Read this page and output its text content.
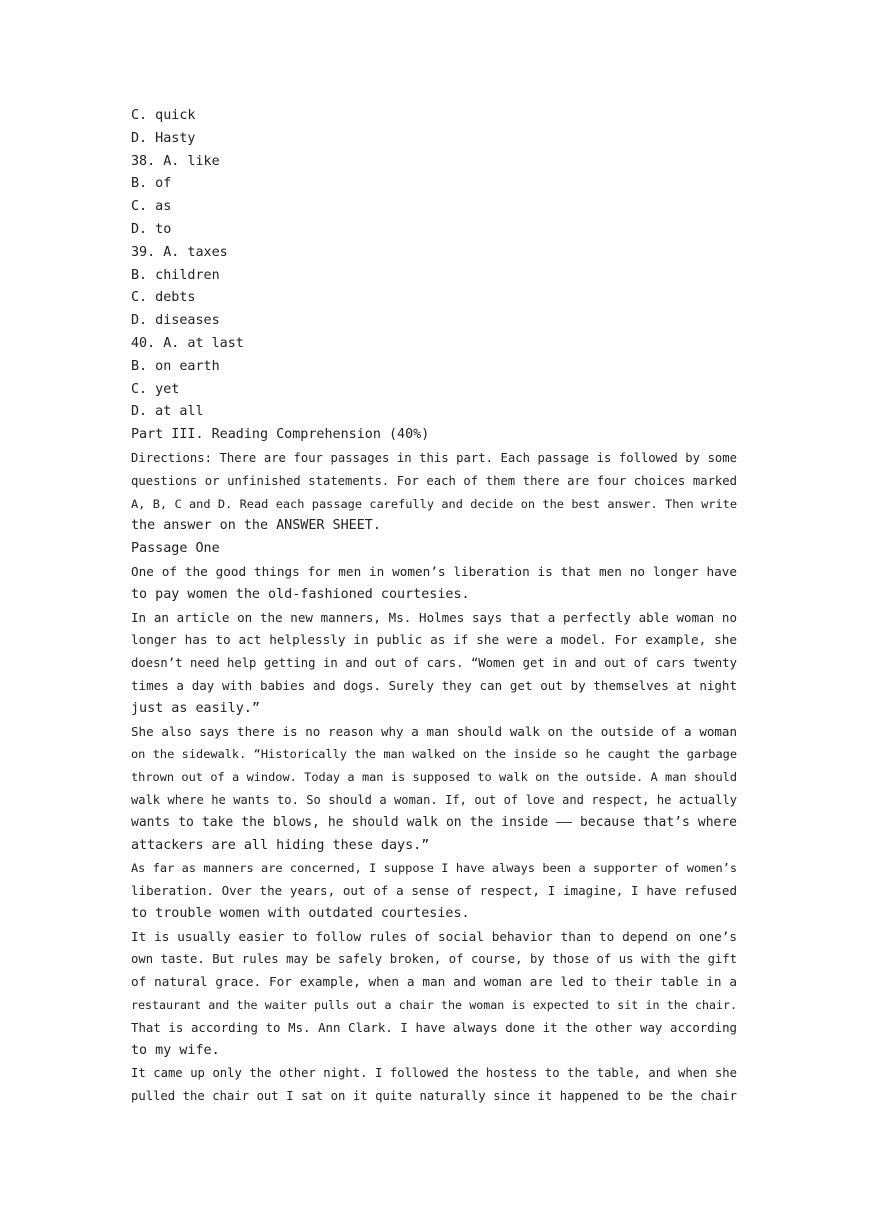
C. quick
D. Hasty
38. A. like
B. of
C. as
D. to
39. A. taxes
B. children
C. debts
D. diseases
40. A. at last
B. on earth
C. yet
D. at all
Part III. Reading Comprehension (40%)
Directions: There are four passages in this part. Each passage is followed by some
questions or unfinished statements. For each of them there are four choices marked
A, B, C and D. Read each passage carefully and decide on the best answer. Then write
the answer on the ANSWER SHEET.
Passage One
One of the good things for men in women’s liberation is that men no longer have
to pay women the old-fashioned courtesies.
In an article on the new manners, Ms. Holmes says that a perfectly able woman no
longer has to act helplessly in public as if she were a model. For example, she
doesn’t need help getting in and out of cars. “Women get in and out of cars twenty
times a day with babies and dogs. Surely they can get out by themselves at night
just as easily.”
She also says there is no reason why a man should walk on the outside of a woman
on the sidewalk. “Historically the man walked on the inside so he caught the garbage
thrown out of a window. Today a man is supposed to walk on the outside. A man should
walk where he wants to. So should a woman. If, out of love and respect, he actually
wants to take the blows, he should walk on the inside —— because that’s where
attackers are all hiding these days.”
As far as manners are concerned, I suppose I have always been a supporter of women’s
liberation. Over the years, out of a sense of respect, I imagine, I have refused
to trouble women with outdated courtesies.
It is usually easier to follow rules of social behavior than to depend on one’s
own taste. But rules may be safely broken, of course, by those of us with the gift
of natural grace. For example, when a man and woman are led to their table in a
restaurant and the waiter pulls out a chair the woman is expected to sit in the chair.
That is according to Ms. Ann Clark. I have always done it the other way according
to my wife.
It came up only the other night. I followed the hostess to the table, and when she
pulled the chair out I sat on it quite naturally since it happened to be the chair
